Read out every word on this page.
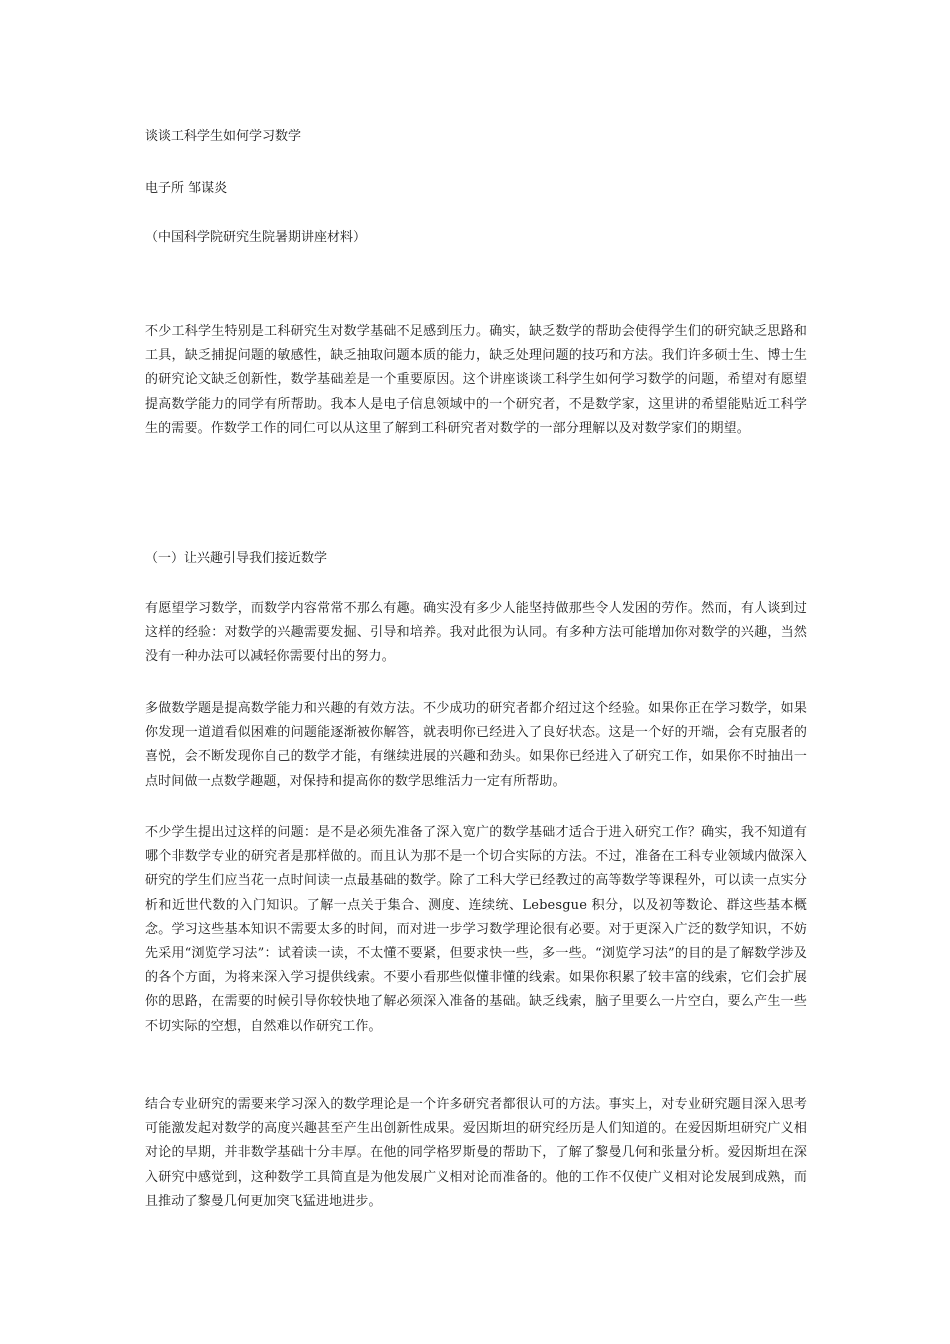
谈谈工科学生如何学习数学

电子所 邹谋炎

（中国科学院研究生院暑期讲座材料）

不少工科学生特别是工科研究生对数学基础不足感到压力。确实，缺乏数学的帮助会使得学生们的研究缺乏思路和工具，缺乏捕捉问题的敏感性，缺乏抽取问题本质的能力，缺乏处理问题的技巧和方法。我们许多硕士生、博士生的研究论文缺乏创新性，数学基础差是一个重要原因。这个讲座谈谈工科学生如何学习数学的问题，希望对有愿望提高数学能力的同学有所帮助。我本人是电子信息领域中的一个研究者，不是数学家，这里讲的希望能贴近工科学生的需要。作数学工作的同仁可以从这里了解到工科研究者对数学的一部分理解以及对数学家们的期望。

（一）让兴趣引导我们接近数学

有愿望学习数学，而数学内容常常不那么有趣。确实没有多少人能坚持做那些令人发困的劳作。然而，有人谈到过这样的经验：对数学的兴趣需要发掘、引导和培养。我对此很为认同。有多种方法可能增加你对数学的兴趣，当然没有一种办法可以减轻你需要付出的努力。

多做数学题是提高数学能力和兴趣的有效方法。不少成功的研究者都介绍过这个经验。如果你正在学习数学，如果你发现一道道看似困难的问题能逐渐被你解答，就表明你已经进入了良好状态。这是一个好的开端，会有克服者的喜悦，会不断发现你自己的数学才能，有继续进展的兴趣和劲头。如果你已经进入了研究工作，如果你不时抽出一点时间做一点数学趣题，对保持和提高你的数学思维活力一定有所帮助。

不少学生提出过这样的问题：是不是必须先准备了深入宽广的数学基础才适合于进入研究工作？确实，我不知道有哪个非数学专业的研究者是那样做的。而且认为那不是一个切合实际的方法。不过，准备在工科专业领域内做深入研究的学生们应当花一点时间读一点最基础的数学。除了工科大学已经教过的高等数学等课程外，可以读一点实分析和近世代数的入门知识。了解一点关于集合、测度、连续统、Lebesgue 积分，以及初等数论、群这些基本概念。学习这些基本知识不需要太多的时间，而对进一步学习数学理论很有必要。对于更深入广泛的数学知识，不妨先采用“浏览学习法”：试着读一读，不太懂不要紧，但要求快一些，多一些。“浏览学习法”的目的是了解数学涉及的各个方面，为将来深入学习提供线索。不要小看那些似懂非懂的线索。如果你积累了较丰富的线索，它们会扩展你的思路，在需要的时候引导你较快地了解必须深入准备的基础。缺乏线索，脑子里要么一片空白，要么产生一些不切实际的空想，自然难以作研究工作。

结合专业研究的需要来学习深入的数学理论是一个许多研究者都很认可的方法。事实上，对专业研究题目深入思考可能激发起对数学的高度兴趣甚至产生出创新性成果。爱因斯坦的研究经历是人们知道的。在爱因斯坦研究广义相对论的早期，并非数学基础十分丰厚。在他的同学格罗斯曼的帮助下，了解了黎曼几何和张量分析。爱因斯坦在深入研究中感觉到，这种数学工具简直是为他发展广义相对论而准备的。他的工作不仅使广义相对论发展到成熟，而且推动了黎曼几何更加突飞猛进地进步。
